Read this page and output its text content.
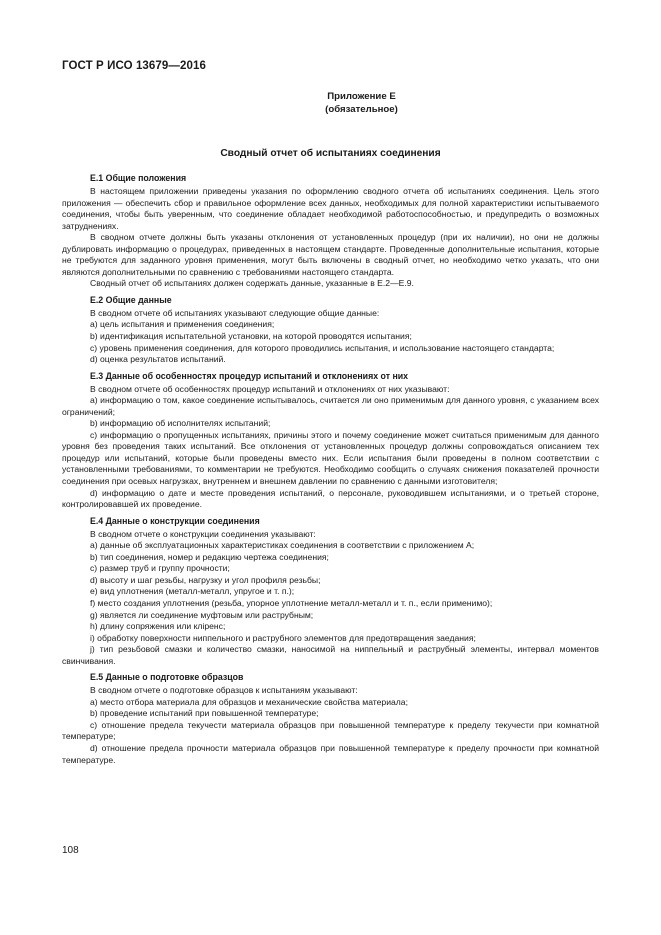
ГОСТ Р ИСО 13679—2016
Приложение Е
(обязательное)
Сводный отчет об испытаниях соединения
Е.1 Общие положения

В настоящем приложении приведены указания по оформлению сводного отчета об испытаниях соединения. Цель этого приложения — обеспечить сбор и правильное оформление всех данных, необходимых для полной характеристики испытываемого соединения, чтобы быть уверенным, что соединение обладает необходимой работоспособностью, и предупредить о возможных затруднениях.

В сводном отчете должны быть указаны отклонения от установленных процедур (при их наличии), но они не должны дублировать информацию о процедурах, приведенных в настоящем стандарте. Проведенные дополнительные испытания, которые не требуются для заданного уровня применения, могут быть включены в сводный отчет, но необходимо четко указать, что они являются дополнительными по сравнению с требованиями настоящего стандарта.

Сводный отчет об испытаниях должен содержать данные, указанные в Е.2—Е.9.

Е.2 Общие данные

В сводном отчете об испытаниях указывают следующие общие данные:

a) цель испытания и применения соединения;

b) идентификация испытательной установки, на которой проводятся испытания;

c) уровень применения соединения, для которого проводились испытания, и использование настоящего стандарта;

d) оценка результатов испытаний.

Е.3 Данные об особенностях процедур испытаний и отклонениях от них

В сводном отчете об особенностях процедур испытаний и отклонениях от них указывают:

a) информацию о том, какое соединение испытывалось, считается ли оно применимым для данного уровня, с указанием всех ограничений;

b) информацию об исполнителях испытаний;

c) информацию о пропущенных испытаниях, причины этого и почему соединение может считаться применимым для данного уровня без проведения таких испытаний. Все отклонения от установленных процедур должны сопровождаться описанием тех процедур или испытаний, которые были проведены вместо них. Если испытания были проведены в полном соответствии с установленными требованиями, то комментарии не требуются. Необходимо сообщить о случаях снижения показателей прочности соединения при осевых нагрузках, внутреннем и внешнем давлении по сравнению с данными изготовителя;

d) информацию о дате и месте проведения испытаний, о персонале, руководившем испытаниями, и о третьей стороне, контролировавшей их проведение.

Е.4 Данные о конструкции соединения

В сводном отчете о конструкции соединения указывают:

a) данные об эксплуатационных характеристиках соединения в соответствии с приложением А;

b) тип соединения, номер и редакцию чертежа соединения;

c) размер труб и группу прочности;

d) высоту и шаг резьбы, нагрузку и угол профиля резьбы;

e) вид уплотнения (металл-металл, упругое и т. п.);

f) место создания уплотнения (резьба, упорное уплотнение металл-металл и т. п., если применимо);

g) является ли соединение муфтовым или раструбным;

h) длину сопряжения или кліренс;

i) обработку поверхности ниппельного и раструбного элементов для предотвращения заедания;

j) тип резьбовой смазки и количество смазки, наносимой на ниппельный и раструбный элементы, интервал моментов свинчивания.

Е.5 Данные о подготовке образцов

В сводном отчете о подготовке образцов к испытаниям указывают:

a) место отбора материала для образцов и механические свойства материала;

b) проведение испытаний при повышенной температуре;

c) отношение предела текучести материала образцов при повышенной температуре к пределу текучести при комнатной температуре;

d) отношение предела прочности материала образцов при повышенной температуре к пределу прочности при комнатной температуре.

108
